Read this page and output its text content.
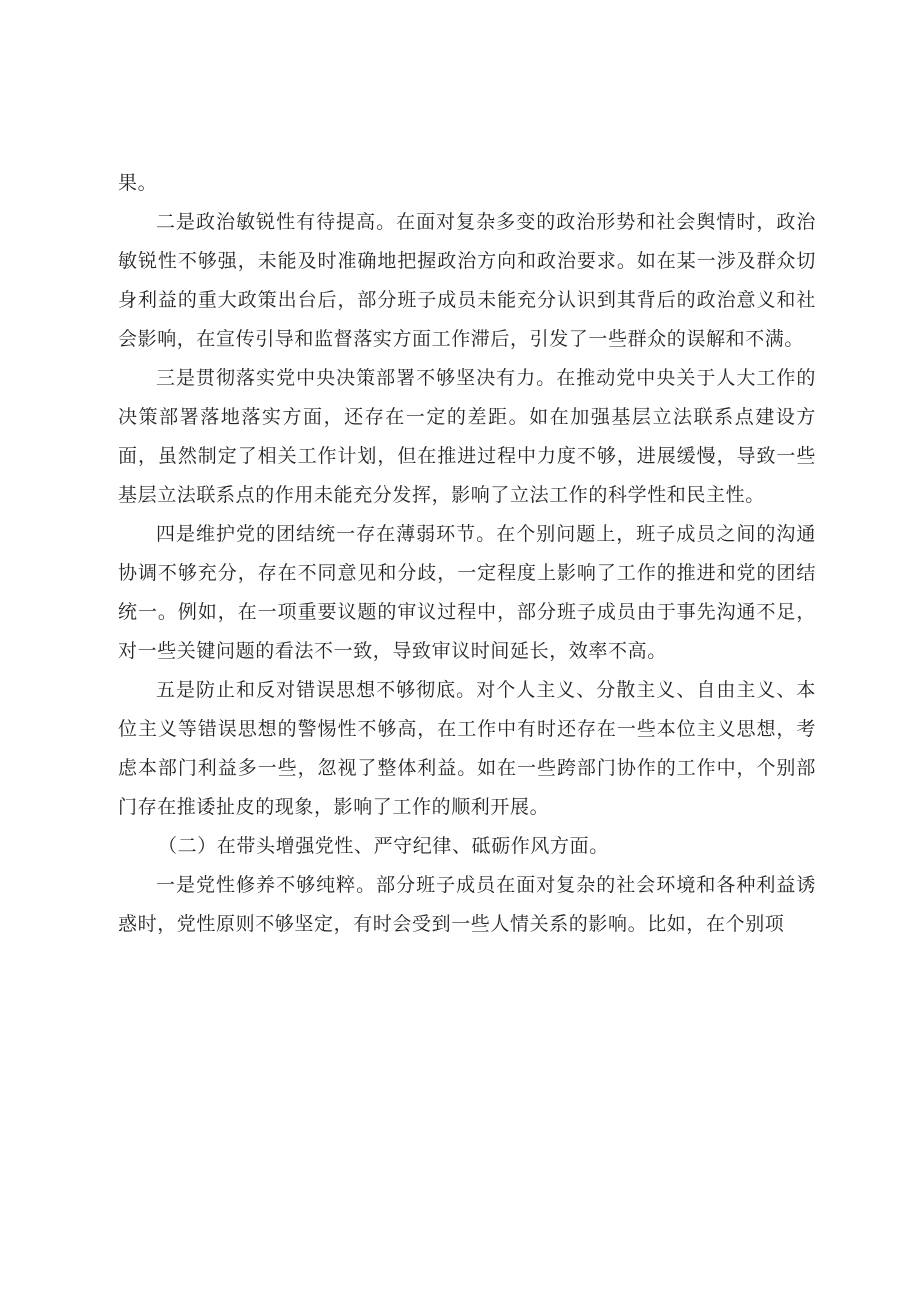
果。

二是政治敏锐性有待提高。在面对复杂多变的政治形势和社会舆情时，政治敏锐性不够强，未能及时准确地把握政治方向和政治要求。如在某一涉及群众切身利益的重大政策出台后，部分班子成员未能充分认识到其背后的政治意义和社会影响，在宣传引导和监督落实方面工作滞后，引发了一些群众的误解和不满。

三是贯彻落实党中央决策部署不够坚决有力。在推动党中央关于人大工作的决策部署落地落实方面，还存在一定的差距。如在加强基层立法联系点建设方面，虽然制定了相关工作计划，但在推进过程中力度不够，进展缓慢，导致一些基层立法联系点的作用未能充分发挥，影响了立法工作的科学性和民主性。

四是维护党的团结统一存在薄弱环节。在个别问题上，班子成员之间的沟通协调不够充分，存在不同意见和分歧，一定程度上影响了工作的推进和党的团结统一。例如，在一项重要议题的审议过程中，部分班子成员由于事先沟通不足，对一些关键问题的看法不一致，导致审议时间延长，效率不高。

五是防止和反对错误思想不够彻底。对个人主义、分散主义、自由主义、本位主义等错误思想的警惕性不够高，在工作中有时还存在一些本位主义思想，考虑本部门利益多一些，忽视了整体利益。如在一些跨部门协作的工作中，个别部门存在推诿扯皮的现象，影响了工作的顺利开展。

（二）在带头增强党性、严守纪律、砥砺作风方面。

一是党性修养不够纯粹。部分班子成员在面对复杂的社会环境和各种利益诱惑时，党性原则不够坚定，有时会受到一些人情关系的影响。比如，在个别项
